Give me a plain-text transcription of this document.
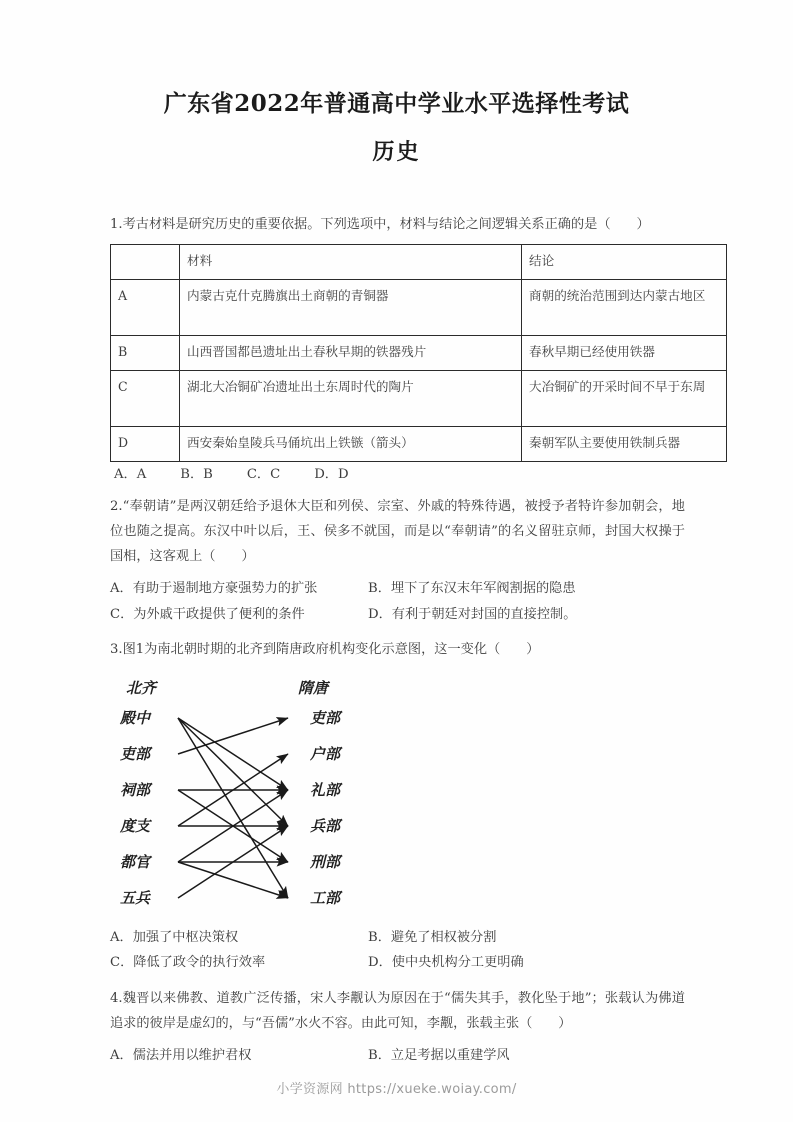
广东省2022年普通高中学业水平选择性考试
历史

1.考古材料是研究历史的重要依据。下列选项中，材料与结论之间逻辑关系正确的是（ ）

	材料	结论
A	内蒙古克什克腾旗出土商朝的青铜器	商朝的统治范围到达内蒙古地区
B	山西晋国都邑遗址出土春秋早期的铁器残片	春秋早期已经使用铁器
C	湖北大冶铜矿冶遗址出土东周时代的陶片	大冶铜矿的开采时间不早于东周
D	西安秦始皇陵兵马俑坑出上铁镞（箭头）	秦朝军队主要使用铁制兵器
A．A	B．B	C．C	D．D

2.“奉朝请”是两汉朝廷给予退休大臣和列侯、宗室、外戚的特殊待遇，被授予者特许参加朝会，地位也随之提高。东汉中叶以后，王、侯多不就国，而是以“奉朝请”的名义留驻京师，封国大权操于国相，这客观上（ ）

A．有助于遏制地方豪强势力的扩张	B．埋下了东汉末年军阀割据的隐患
C．为外戚干政提供了便利的条件	D．有利于朝廷对封国的直接控制。

3.图1为南北朝时期的北齐到隋唐政府机构变化示意图，这一变化（ ）

北齐	隋唐
殿中
吏部
祠部
度支
都官
五兵
吏部
户部
礼部
兵部
刑部
工部
A．加强了中枢决策权	B．避免了相权被分割
C．降低了政令的执行效率	D．使中央机构分工更明确

4.魏晋以来佛教、道教广泛传播，宋人李觏认为原因在于“儒失其手，教化坠于地”；张载认为佛道追求的彼岸是虚幻的，与“吾儒”水火不容。由此可知，李觏，张载主张（ ）

A．儒法并用以维护君权	B．立足考据以重建学风
小学资源网 https://xueke.woiay.com/
